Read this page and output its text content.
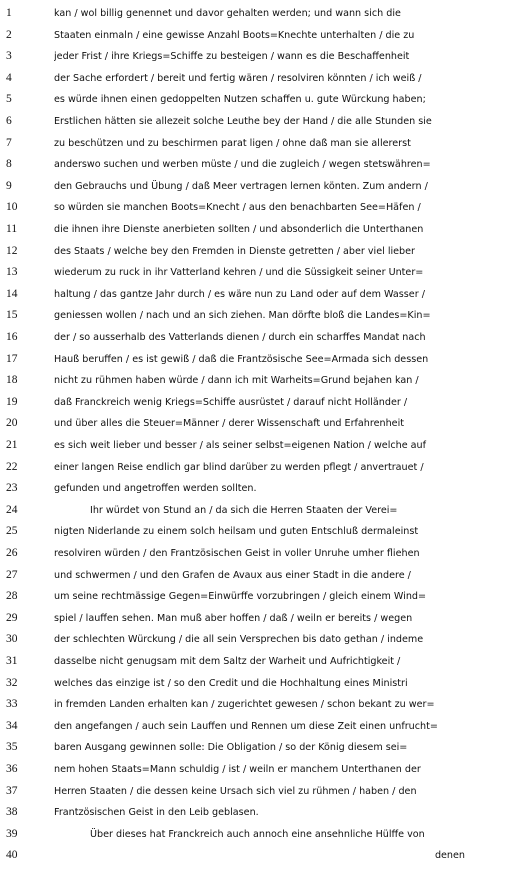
1	kan / wol billig genennet und davor gehalten werden; und wann sich die
2	Staaten einmaln / eine gewisse Anzahl Boots=Knechte unterhalten / die zu
3	jeder Frist / ihre Kriegs=Schiffe zu besteigen / wann es die Beschaffenheit
4	der Sache erfordert / bereit und fertig wären / resolviren könnten / ich weiß /
5	es würde ihnen einen gedoppelten Nutzen schaffen u. gute Würckung haben;
6	Erstlichen hätten sie allezeit solche Leuthe bey der Hand / die alle Stunden sie
7	zu beschützen und zu beschirmen parat ligen / ohne daß man sie allererst
8	anderswo suchen und werben müste / und die zugleich / wegen stetswähren=
9	den Gebrauchs und Übung / daß Meer vertragen lernen könten. Zum andern /
10	so würden sie manchen Boots=Knecht / aus den benachbarten See=Häfen /
11	die ihnen ihre Dienste anerbieten sollten / und absonderlich die Unterthanen
12	des Staats / welche bey den Fremden in Dienste getretten / aber viel lieber
13	wiederum zu ruck in ihr Vatterland kehren / und die Süssigkeit seiner Unter=
14	haltung / das gantze Jahr durch / es wäre nun zu Land oder auf dem Wasser /
15	geniessen wollen / nach und an sich ziehen. Man dörfte bloß die Landes=Kin=
16	der / so ausserhalb des Vatterlands dienen / durch ein scharffes Mandat nach
17	Hauß beruffen / es ist gewiß / daß die Frantzösische See=Armada sich dessen
18	nicht zu rühmen haben würde / dann ich mit Warheits=Grund bejahen kan /
19	daß Franckreich wenig Kriegs=Schiffe ausrüstet / darauf nicht Holländer /
20	und über alles die Steuer=Männer / derer Wissenschaft und Erfahrenheit
21	es sich weit lieber und besser / als seiner selbst=eigenen Nation / welche auf
22	einer langen Reise endlich gar blind darüber zu werden pflegt / anvertrauet /
23	gefunden und angetroffen werden sollten.
24	Ihr würdet von Stund an / da sich die Herren Staaten der Verei=
25	nigten Niderlande zu einem solch heilsam und guten Entschluß dermaleinst
26	resolviren würden / den Frantzösischen Geist in voller Unruhe umher fliehen
27	und schwermen / und den Grafen de Avaux aus einer Stadt in die andere /
28	um seine rechtmässige Gegen=Einwürffe vorzubringen / gleich einem Wind=
29	spiel / lauffen sehen. Man muß aber hoffen / daß / weiln er bereits / wegen
30	der schlechten Würckung / die all sein Versprechen bis dato gethan / indeme
31	dasselbe nicht genugsam mit dem Saltz der Warheit und Aufrichtigkeit /
32	welches das einzige ist / so den Credit und die Hochhaltung eines Ministri
33	in fremden Landen erhalten kan / zugerichtet gewesen / schon bekant zu wer=
34	den angefangen / auch sein Lauffen und Rennen um diese Zeit einen unfrucht=
35	baren Ausgang gewinnen solle: Die Obligation / so der König diesem sei=
36	nem hohen Staats=Mann schuldig / ist / weiln er manchem Unterthanen der
37	Herren Staaten / die dessen keine Ursach sich viel zu rühmen / haben / den
38	Frantzösischen Geist in den Leib geblasen.
39	Über dieses hat Franckreich auch annoch eine ansehnliche Hülffe von
40	denen
